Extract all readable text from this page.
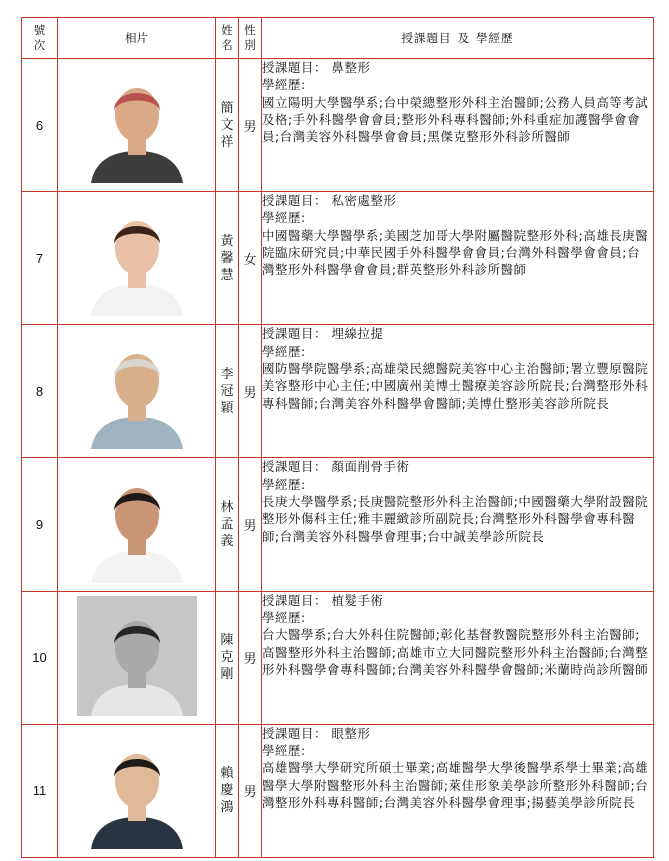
號
次	相片	姓
名	性
別	授課題目 及 學經歷
6		簡
文
祥	男	授課題目： 鼻整形
學經歷:
國立陽明大學醫學系;台中榮總整形外科主治醫師;公務人員高等考試及格;手外科醫學會會員;整形外科專科醫師;外科重症加護醫學會會員;台灣美容外科醫學會會員;黑傑克整形外科診所醫師

7		黃
馨
慧	女	授課題目： 私密處整形
學經歷:
中國醫藥大學醫學系;美國芝加哥大學附屬醫院整形外科;高雄長庚醫院臨床研究員;中華民國手外科醫學會會員;台灣外科醫學會會員;台灣整形外科醫學會會員;群英整形外科診所醫師

8		李
冠
穎	男	授課題目： 埋線拉提
學經歷:
國防醫學院醫學系;高雄榮民總醫院美容中心主治醫師;署立豐原醫院美容整形中心主任;中國廣州美博士醫療美容診所院長;台灣整形外科專科醫師;台灣美容外科醫學會醫師;美博仕整形美容診所院長

9		林
孟
義	男	授課題目： 顏面削骨手術
學經歷:
長庚大學醫學系;長庚醫院整形外科主治醫師;中國醫藥大學附設醫院整形外傷科主任;雅丰麗緻診所副院長;台灣整形外科醫學會專科醫師;台灣美容外科醫學會理事;台中誠美學診所院長

10		陳
克
剛	男	授課題目： 植髮手術
學經歷:
台大醫學系;台大外科住院醫師;彰化基督教醫院整形外科主治醫師;高醫整形外科主治醫師;高雄市立大同醫院整形外科主治醫師;台灣整形外科醫學會專科醫師;台灣美容外科醫學會醫師;米蘭時尚診所醫師

11		賴
慶
鴻	男	授課題目： 眼整形
學經歷:
高雄醫學大學研究所碩士畢業;高雄醫學大學後醫學系學士畢業;高雄醫學大學附醫整形外科主治醫師;萊佳形象美學診所整形外科醫師;台灣整形外科專科醫師;台灣美容外科醫學會理事;揚藝美學診所院長
